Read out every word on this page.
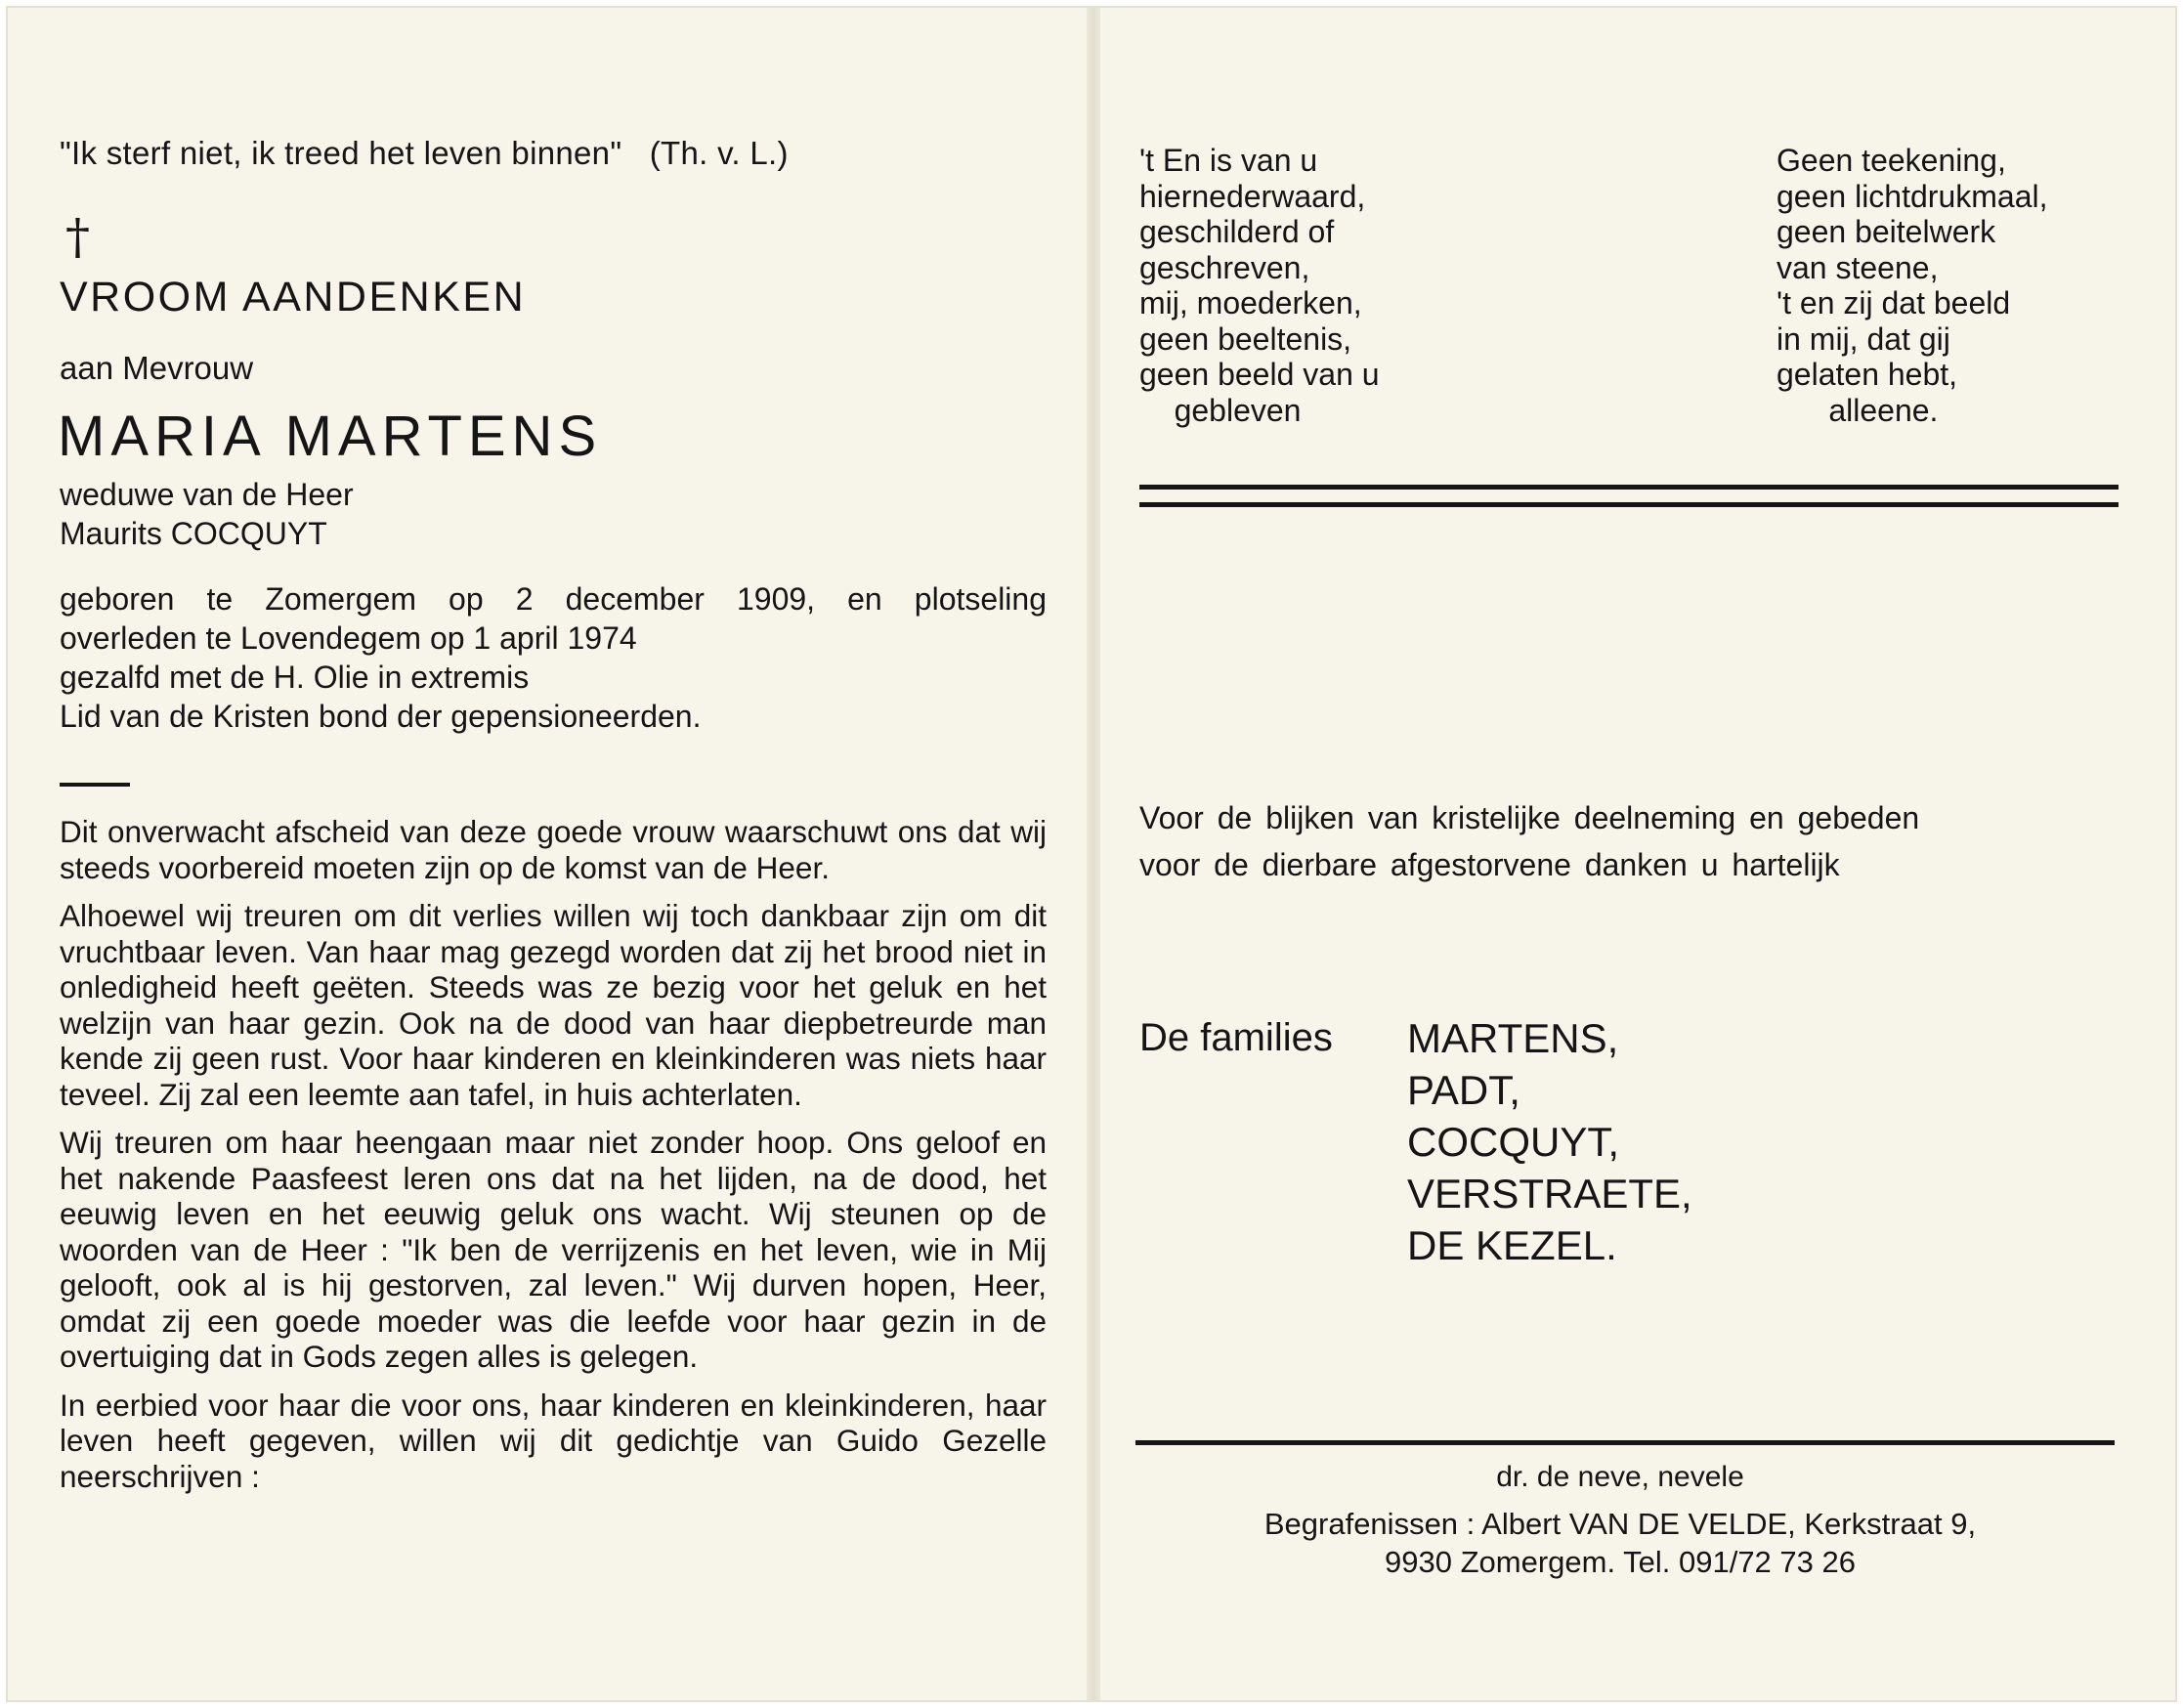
"Ik sterf niet, ik treed het leven binnen"   (Th. v. L.)
†
VROOM AANDENKEN
aan Mevrouw
MARIA MARTENS
weduwe van de Heer
Maurits COCQUYT
geboren te Zomergem op 2 december 1909, en plotseling
overleden te Lovendegem op 1 april 1974
gezalfd met de H. Olie in extremis
Lid van de Kristen bond der gepensioneerden.

Dit onverwacht afscheid van deze goede vrouw waarschuwt ons dat wij steeds voorbereid moeten zijn op de komst van de Heer.

Alhoewel wij treuren om dit verlies willen wij toch dankbaar zijn om dit vruchtbaar leven. Van haar mag gezegd worden dat zij het brood niet in onledigheid heeft geëten. Steeds was ze bezig voor het geluk en het welzijn van haar gezin. Ook na de dood van haar diepbetreurde man kende zij geen rust. Voor haar kinderen en kleinkinderen was niets haar teveel. Zij zal een leemte aan tafel, in huis achterlaten.

Wij treuren om haar heengaan maar niet zonder hoop. Ons geloof en het nakende Paasfeest leren ons dat na het lijden, na de dood, het eeuwig leven en het eeuwig geluk ons wacht. Wij steunen op de woorden van de Heer : "Ik ben de verrijzenis en het leven, wie in Mij gelooft, ook al is hij gestorven, zal leven." Wij durven hopen, Heer, omdat zij een goede moeder was die leefde voor haar gezin in de overtuiging dat in Gods zegen alles is gelegen.

In eerbied voor haar die voor ons, haar kinderen en kleinkinderen, haar leven heeft gegeven, willen wij dit gedichtje van Guido Gezelle neerschrijven :

't En is van u
hiernederwaard,
geschilderd of
geschreven,
mij, moederken,
geen beeltenis,
geen beeld van u
gebleven
Geen teekening,
geen lichtdrukmaal,
geen beitelwerk
van steene,
't en zij dat beeld
in mij, dat gij
gelaten hebt,
alleene.
Voor de blijken van kristelijke deelneming en gebeden
voor de dierbare afgestorvene danken u hartelijk
De families MARTENS,
PADT,
COCQUYT,
VERSTRAETE,
DE KEZEL.
dr. de neve, nevele
Begrafenissen : Albert VAN DE VELDE, Kerkstraat 9,
9930 Zomergem. Tel. 091/72 73 26
